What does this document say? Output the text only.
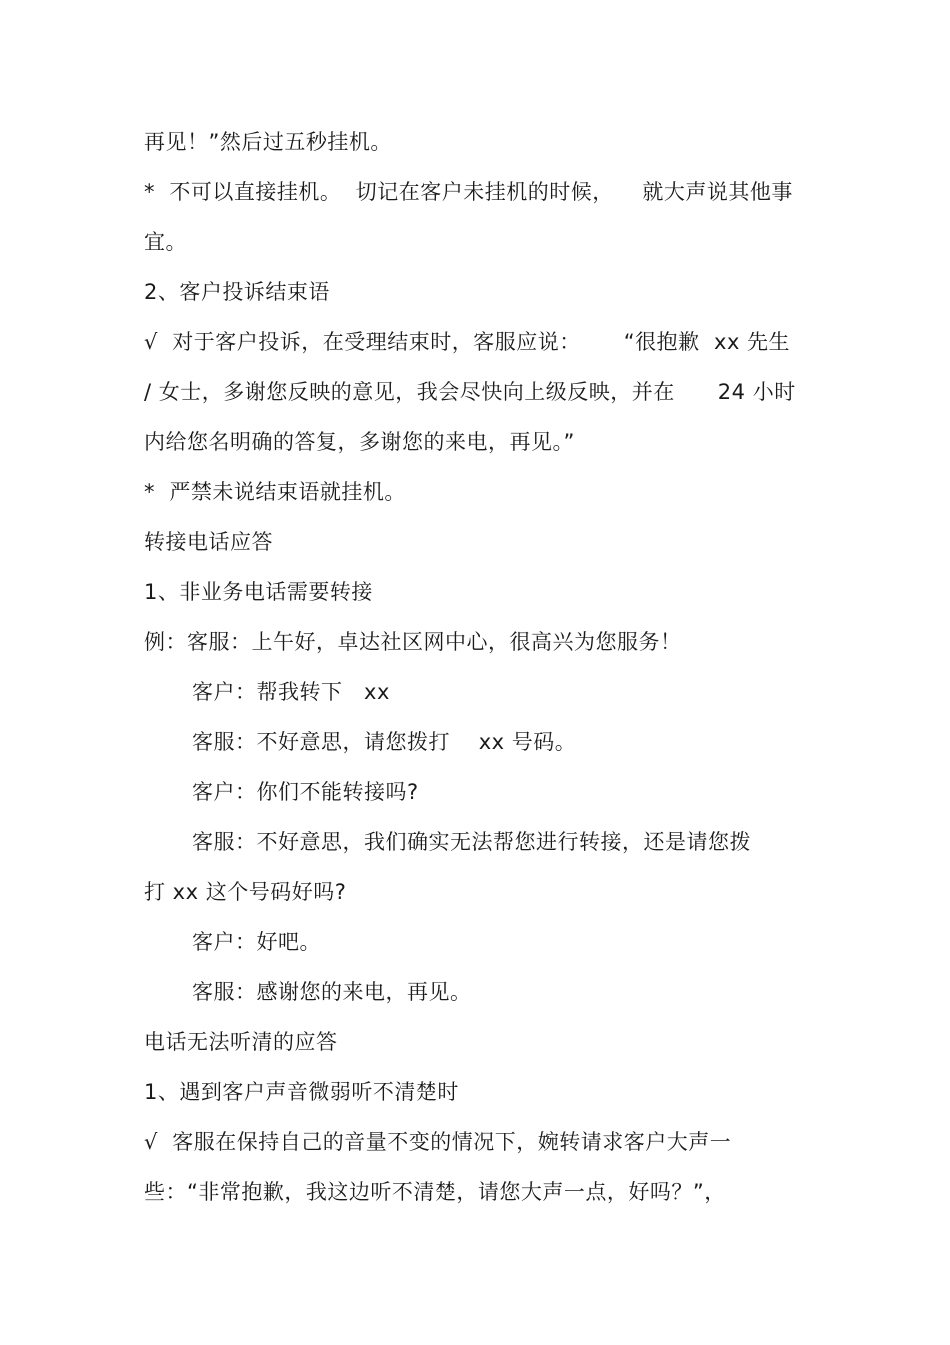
再见！”然后过五秒挂机。
*  不可以直接挂机。  切记在客户未挂机的时候，    就大声说其他事
宜。
2、客户投诉结束语
√  对于客户投诉，在受理结束时，客服应说：      “很抱歉  xx 先生
/ 女士，多谢您反映的意见，我会尽快向上级反映，并在      24 小时
内给您名明确的答复，多谢您的来电，再见。”
*  严禁未说结束语就挂机。
转接电话应答
1、非业务电话需要转接
例：客服：上午好，卓达社区网中心，很高兴为您服务！
客户：帮我转下   xx
客服：不好意思，请您拨打    xx 号码。
客户：你们不能转接吗?
客服：不好意思，我们确实无法帮您进行转接，还是请您拨
打 xx 这个号码好吗?
客户：好吧。
客服：感谢您的来电，再见。
电话无法听清的应答
1、遇到客户声音微弱听不清楚时
√  客服在保持自己的音量不变的情况下，婉转请求客户大声一
些：“非常抱歉，我这边听不清楚，请您大声一点，好吗？”，
